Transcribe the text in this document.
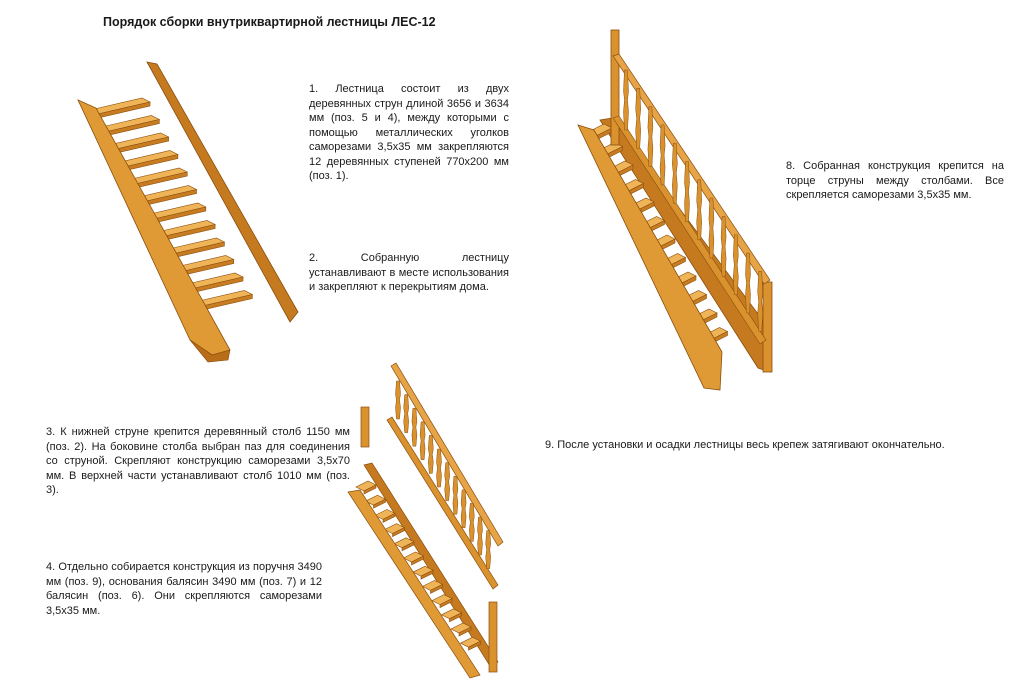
Порядок сборки внутриквартирной лестницы ЛЕС-12
1. Лестница состоит из двух деревянных струн длиной 3656 и 3634 мм (поз. 5 и 4), между которыми с помощью металлических уголков саморезами 3,5х35 мм закрепляются 12 деревянных ступеней 770х200 мм (поз. 1).
2. Собранную лестницу устанавливают в месте использования и закрепляют к перекрытиям дома.
3. К нижней струне крепится деревянный столб 1150 мм (поз. 2). На боковине столба выбран паз для соединения со струной. Скрепляют конструкцию саморезами 3,5х70 мм. В верхней части устанавливают столб 1010 мм (поз. 3).
4. Отдельно собирается конструкция из поручня 3490 мм (поз. 9), основания балясин 3490 мм (поз. 7) и 12 балясин (поз. 6). Они скрепляются саморезами 3,5х35 мм.
8. Собранная конструкция крепится на торце струны между столбами. Все скрепляется саморезами 3,5х35 мм.
9. После установки и осадки лестницы весь крепеж затягивают окончательно.
